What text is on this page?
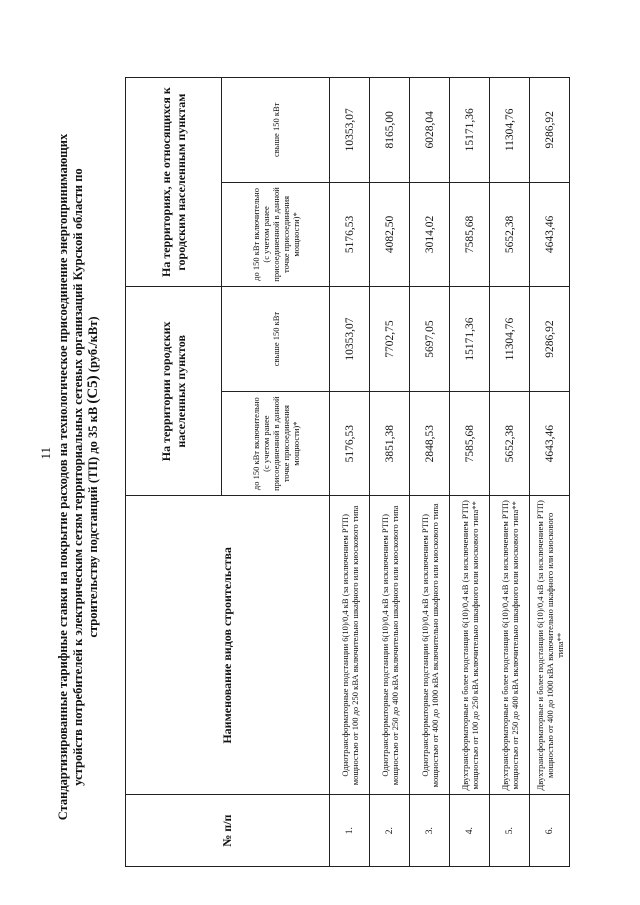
11 Стандартизированные тарифные ставки на покрытие расходов на технологическое присоединение энергопринимающих устройств потребителей к электрическим сетям территориальных сетевых организаций Курской области по строительству подстанций (ТП) до 35 кВ (С5) (руб./кВт)
№ п/п	Наименование видов строительства	На территории городских населенных пунктов		На территориях, не относящихся к городским населенным пунктам	
		до 150 кВт включительно (с учетом ранее присоединенной в данной точке присоединения мощности)*	свыше 150 кВт	до 150 кВт включительно (с учетом ранее присоединенной в данной точке присоединения мощности)*	свыше 150 кВт
1.	Однотрансформаторные подстанции 6(10)/0,4 кВ (за исключением РТП) мощностью от 100 до 250 кВА включительно шкафного или киоскового типа	5176,53	10353,07	5176,53	10353,07
2.	Однотрансформаторные подстанции 6(10)/0,4 кВ (за исключением РТП) мощностью от 250 до 400 кВА включительно шкафного или киоскового типа	3851,38	7702,75	4082,50	8165,00
3.	Однотрансформаторные подстанции 6(10)/0,4 кВ (за исключением РТП) мощностью от 400 до 1000 кВА включительно шкафного или киоскового типа	2848,53	5697,05	3014,02	6028,04
4.	Двухтрансформаторные и более подстанции 6(10)/0,4 кВ (за исключением РТП) мощностью от 100 до 250 кВА включительно шкафного или киоскового типа**	7585,68	15171,36	7585,68	15171,36
5.	Двухтрансформаторные и более подстанции 6(10)/0,4 кВ (за исключением РТП) мощностью от 250 до 400 кВА включительно шкафного или киоскового типа**	5652,38	11304,76	5652,38	11304,76
6.	Двухтрансформаторные и более подстанции 6(10)/0,4 кВ (за исключением РТП) мощностью от 400 до 1000 кВА включительно шкафного или киоскового типа**	4643,46	9286,92	4643,46	9286,92
